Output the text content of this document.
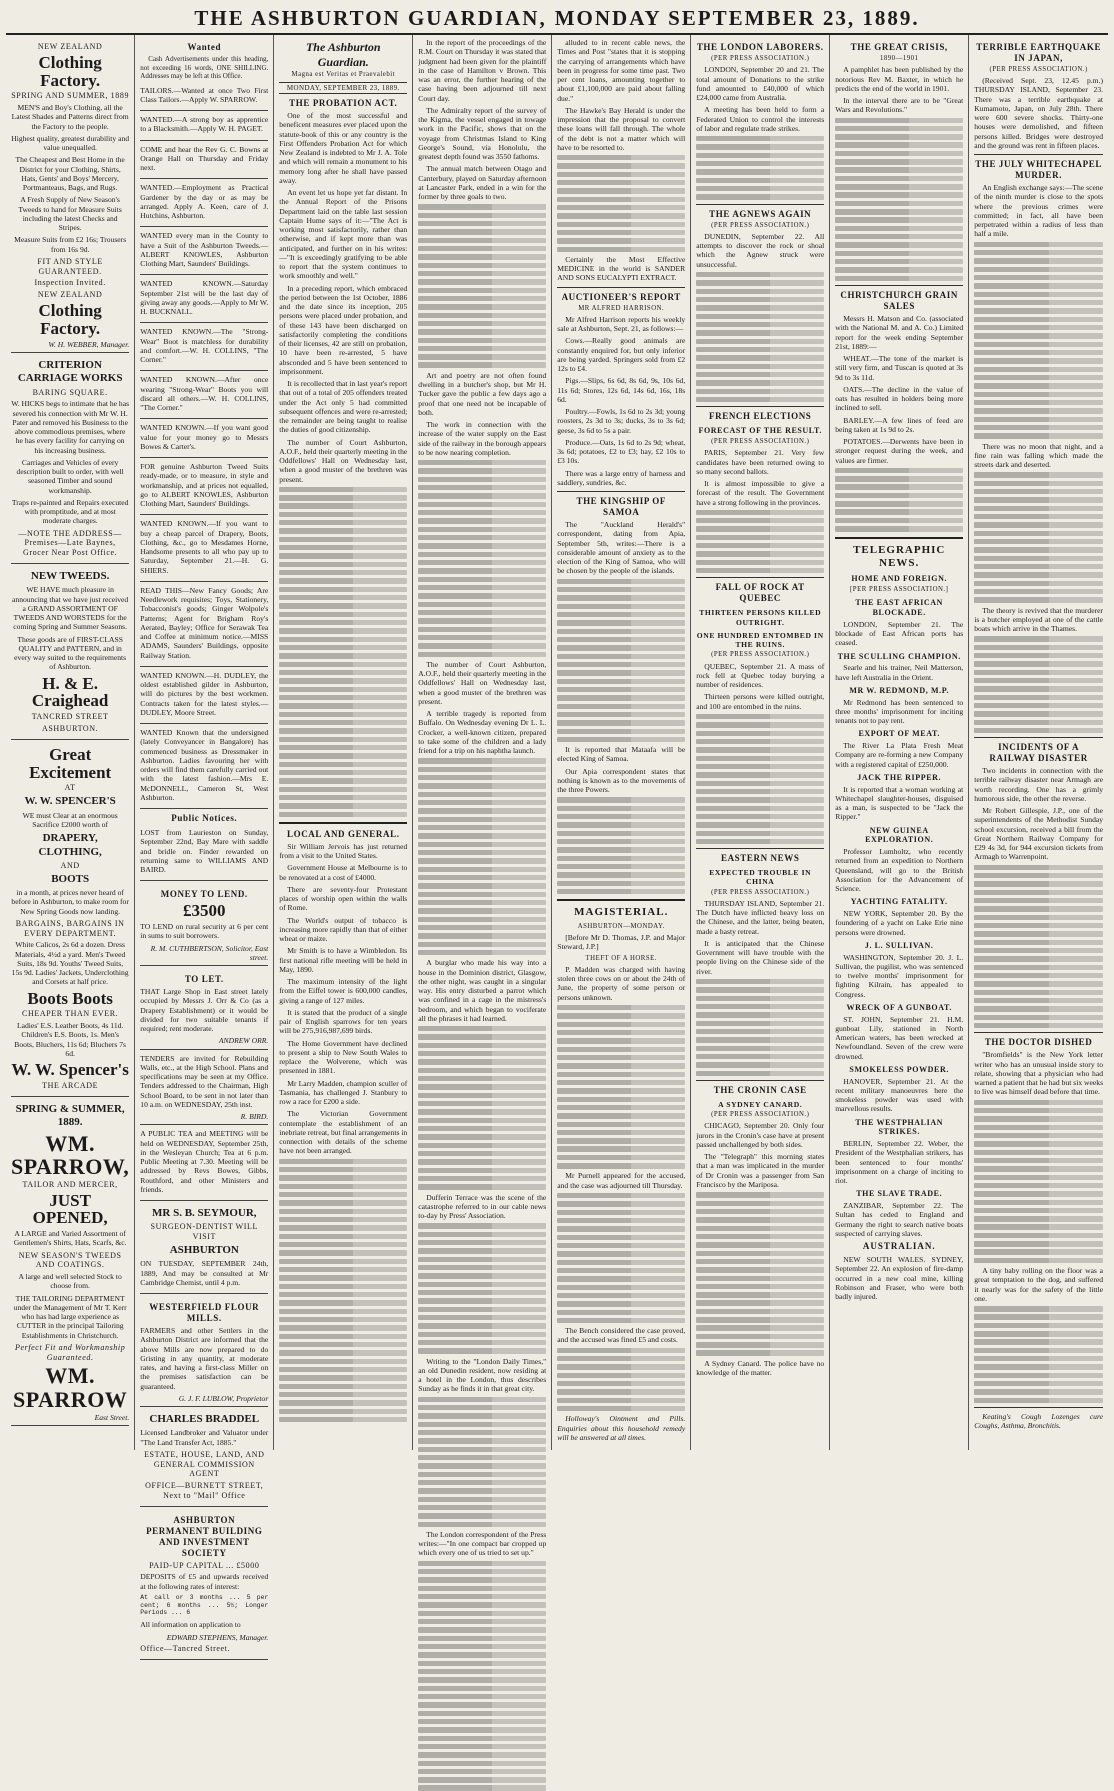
THE ASHBURTON GUARDIAN, MONDAY SEPTEMBER 23, 1889.
NEW ZEALAND
Clothing Factory.
SPRING AND SUMMER, 1889

MEN'S and Boy's Clothing, all the Latest Shades and Patterns direct from the Factory to the people.

Highest quality, greatest durability and value unequalled.

The Cheapest and Best Home in the District for your Clothing, Shirts, Hats, Gents' and Boys' Mercery, Portmanteaus, Bags, and Rugs.

A Fresh Supply of New Season's Tweeds to hand for Measure Suits including the latest Checks and Stripes.

Measure Suits from £2 16s; Trousers from 16s 9d.

FIT AND STYLE GUARANTEED.
Inspection Invited.
NEW ZEALAND
Clothing Factory.
W. H. WEBBER, Manager.
CRITERION CARRIAGE WORKS
BARING SQUARE.

W. HICKS begs to intimate that he has severed his connection with Mr W. H. Pater and removed his Business to the above commodious premises, where he has every facility for carrying on his increasing business.

Carriages and Vehicles of every description built to order, with well seasoned Timber and sound workmanship.

Traps re-painted and Repairs executed with promptitude, and at most moderate charges.

—NOTE THE ADDRESS— Premises—Late Baynes, Grocer Near Post Office.
NEW TWEEDS.

WE HAVE much pleasure in announcing that we have just received a GRAND ASSORTMENT OF TWEEDS AND WORSTEDS for the coming Spring and Summer Seasons.

These goods are of FIRST-CLASS QUALITY and PATTERN, and in every way suited to the requirements of Ashburton.

H. & E. Craighead
TANCRED STREET
ASHBURTON.
Great Excitement
AT
W. W. SPENCER'S

WE must Clear at an enormous Sacrifice £2000 worth of

DRAPERY, CLOTHING,
AND
BOOTS

in a month, at prices never heard of before in Ashburton, to make room for New Spring Goods now landing.

BARGAINS, BARGAINS IN EVERY DEPARTMENT.

White Calicos, 2s 6d a dozen. Dress Materials, 4½d a yard. Men's Tweed Suits, 18s 9d. Youths' Tweed Suits, 15s 9d. Ladies' Jackets, Underclothing and Corsets at half price.

Boots Boots
CHEAPER THAN EVER.

Ladies' E.S. Leather Boots, 4s 11d. Children's E.S. Boots, 1s. Men's Boots, Bluchers, 11s 6d; Bluchers 7s 6d.

W. W. Spencer's
THE ARCADE
SPRING & SUMMER, 1889.
WM. SPARROW,
TAILOR AND MERCER,
JUST OPENED,

A LARGE and Varied Assortment of Gentlemen's Shirts, Hats, Scarfs, &c.

NEW SEASON'S TWEEDS AND COATINGS.

A large and well selected Stock to choose from.

THE TAILORING DEPARTMENT under the Management of Mr T. Kerr who has had large experience as CUTTER in the principal Tailoring Establishments in Christchurch.

Perfect Fit and Workmanship Guaranteed.
WM. SPARROW
East Street.
Wanted

Cash Advertisements under this heading, not exceeding 16 words, ONE SHILLING. Addresses may be left at this Office.

TAILORS.—Wanted at once Two First Class Tailors.—Apply W. SPARROW.

WANTED.—A strong boy as apprentice to a Blacksmith.—Apply W. H. PAGET.

COME and hear the Rev G. C. Bowns at Orange Hall on Thursday and Friday next.

WANTED.—Employment as Practical Gardener by the day or as may be arranged. Apply A. Keen, care of J. Hutchins, Ashburton.

WANTED every man in the County to have a Suit of the Ashburton Tweeds.—ALBERT KNOWLES, Ashburton Clothing Mart, Saunders' Buildings.

WANTED KNOWN.—Saturday September 21st will be the last day of giving away any goods.—Apply to Mr W. H. BUCKNALL.

WANTED KNOWN.—The "Strong-Wear" Boot is matchless for durability and comfort.—W. H. COLLINS, "The Corner."

WANTED KNOWN.—After once wearing "Strong-Wear" Boots you will discard all others.—W. H. COLLINS, "The Corner."

WANTED KNOWN.—If you want good value for your money go to Messrs Bowes & Carter's.

FOR genuine Ashburton Tweed Suits ready-made, or to measure, in style and workmanship, and at prices not equalled, go to ALBERT KNOWLES, Ashburton Clothing Mart, Saunders' Buildings.

WANTED KNOWN.—If you want to buy a cheap parcel of Drapery, Boots, Clothing, &c., go to Mesdames Horne, Handsome presents to all who pay up to Saturday, September 21.—H. G. SHIERS.

READ THIS—New Fancy Goods; Are Needlework requisites; Toys, Stationery, Tobacconist's goods; Ginger Wolpole's Patterns; Agent for Brigham Roy's Aerated, Bayley; Office for Serawak Tea and Coffee at minimum notice.—MISS ADAMS, Saunders' Buildings, opposite Railway Station.

WANTED KNOWN.—H. DUDLEY, the oldest established gilder in Ashburton, will do pictures by the best workmen. Contracts taken for the latest styles.—DUDLEY, Moore Street.

WANTED Known that the undersigned (lately Conveyancer in Bangalore) has commenced business as Dressmaker in Ashburton. Ladies favouring her with orders will find them carefully carried out with the latest fashion.—Mrs E. McDONNELL, Cameron St, West Ashburton.

Public Notices.

LOST from Laurieston on Sunday, September 22nd, Bay Mare with saddle and bridle on. Finder rewarded on returning same to WILLIAMS AND BAIRD.

MONEY TO LEND.
£3500

TO LEND on rural security at 6 per cent in sums to suit borrowers.

R. M. CUTHBERTSON, Solicitor, East street.
TO LET.

THAT Large Shop in East street lately occupied by Messrs J. Orr & Co (as a Drapery Establishment) or it would be divided for two suitable tenants if required; rent moderate.

ANDREW ORR.

TENDERS are invited for Rebuilding Walls, etc., at the High School. Plans and specifications may be seen at my Office. Tenders addressed to the Chairman, High School Board, to be sent in not later than 10 a.m. on WEDNESDAY, 25th inst.

R. BIRD.

A PUBLIC TEA and MEETING will be held on WEDNESDAY, September 25th, in the Wesleyan Church; Tea at 6 p.m. Public Meeting at 7.30. Meeting will be addressed by Revs Bowes, Gibbs, Routhford, and other Ministers and friends.

MR S. B. SEYMOUR,
SURGEON-DENTIST WILL VISIT
ASHBURTON

ON TUESDAY, SEPTEMBER 24th, 1889, And may be consulted at Mr Cambridge Chemist, until 4 p.m.

WESTERFIELD FLOUR MILLS.

FARMERS and other Settlers in the Ashburton District are informed that the above Mills are now prepared to do Gristing in any quantity, at moderate rates, and having a first-class Miller on the premises satisfaction can be guaranteed.

G. J. F. LUBLOW, Proprietor
CHARLES BRADDEL

Licensed Landbroker and Valuator under "The Land Transfer Act, 1885."

ESTATE, HOUSE, LAND, AND GENERAL COMMISSION AGENT
OFFICE—BURNETT STREET, Next to "Mail" Office
ASHBURTON PERMANENT BUILDING AND INVESTMENT SOCIETY
PAID-UP CAPITAL ... £5000

DEPOSITS of £5 and upwards received at the following rates of interest:

At call or 3 months ... 5 per cent; 6 months ... 5½; Longer Periods ... 6

All information on application to

EDWARD STEPHENS, Manager.
Office—Tancred Street.
The Ashburton Guardian.
Magna est Veritas et Praevalebit
MONDAY, SEPTEMBER 23, 1889.
THE PROBATION ACT.

One of the most successful and beneficent measures ever placed upon the statute-book of this or any country is the First Offenders Probation Act for which New Zealand is indebted to Mr J. A. Tole and which will remain a monument to his memory long after he shall have passed away.

An event let us hope yet far distant. In the Annual Report of the Prisons Department laid on the table last session Captain Hume says of it:—"The Act is working most satisfactorily, rather than otherwise, and if kept more than was anticipated, and further on in his writes:—"It is exceedingly gratifying to be able to report that the system continues to work smoothly and well."

In a preceding report, which embraced the period between the 1st October, 1886 and the date since its inception, 205 persons were placed under probation, and of these 143 have been discharged on satisfactorily completing the conditions of their licenses, 42 are still on probation, 10 have been re-arrested, 5 have absconded and 5 have been sentenced to imprisonment.

It is recollected that in last year's report that out of a total of 205 offenders treated under the Act only 5 had committed subsequent offences and were re-arrested; the remainder are being taught to realise the duties of good citizenship.

The number of Court Ashburton, A.O.F., held their quarterly meeting in the Oddfellows' Hall on Wednesday last, when a good muster of the brethren was present.

LOCAL AND GENERAL.

Sir William Jervois has just returned from a visit to the United States.

Government House at Melbourne is to be renovated at a cost of £4000.

There are seventy-four Protestant places of worship open within the walls of Rome.

The World's output of tobacco is increasing more rapidly than that of either wheat or maize.

Mr Smith is to have a Wimbledon. Its first national rifle meeting will be held in May, 1890.

The maximum intensity of the light from the Eiffel tower is 600,000 candles, giving a range of 127 miles.

It is stated that the product of a single pair of English sparrows for ten years will be 275,916,987,699 birds.

The Home Government have declined to present a ship to New South Wales to replace the Wolverene, which was presented in 1881.

Mr Larry Madden, champion sculler of Tasmania, has challenged J. Stanbury to row a race for £200 a side.

The Victorian Government contemplate the establishment of an inebriate retreat, but final arrangements in connection with details of the scheme have not been arranged.

In the report of the proceedings of the R.M. Court on Thursday it was stated that judgment had been given for the plaintiff in the case of Hamilton v Brown. This was an error, the further hearing of the case having been adjourned till next Court day.

The Admiralty report of the survey of the Kigma, the vessel engaged in towage work in the Pacific, shows that on the voyage from Christmas Island to King George's Sound, via Honolulu, the greatest depth found was 3550 fathoms.

The annual match between Otago and Canterbury, played on Saturday afternoon at Lancaster Park, ended in a win for the former by three goals to two.

Art and poetry are not often found dwelling in a butcher's shop, but Mr H. Tucker gave the public a few days ago a proof that one need not be incapable of both.

The work in connection with the increase of the water supply on the East side of the railway in the borough appears to be now nearing completion.

The number of Court Ashburton, A.O.F., held their quarterly meeting in the Oddfellows' Hall on Wednesday last, when a good muster of the brethren was present.

A terrible tragedy is reported from Buffalo. On Wednesday evening Dr L. L. Crocker, a well-known citizen, prepared to take some of the children and a lady friend for a trip on his naphtha launch.

A burglar who made his way into a house in the Dominion district, Glasgow, the other night, was caught in a singular way. His entry disturbed a parrot which was confined in a cage in the mistress's bedroom, and which began to vociferate all the phrases it had learned.

Dufferin Terrace was the scene of the catastrophe referred to in our cable news to-day by Press' Association.

Writing to the "London Daily Times," an old Dunedin resident, now residing at a hotel in the London, thus describes Sunday as he finds it in that great city.

The London correspondent of the Press writes:—"In one compact bar cropped up which every one of us tried to set up."

alluded to in recent cable news, the Times and Post "states that it is stopping the carrying of arrangements which have been in progress for some time past. Two per cent loans, amounting together to about £1,100,000 are paid about falling due."

The Hawke's Bay Herald is under the impression that the proposal to convert these loans will fall through. The whole of the debt is not a matter which will have to be resorted to.

Certainly the Most Effective MEDICINE in the world is SANDER AND SONS EUCALYPTI EXTRACT.

AUCTIONEER'S REPORT
MR ALFRED HARRISON.

Mr Alfred Harrison reports his weekly sale at Ashburton, Sept. 21, as follows:—

Cows.—Really good animals are constantly enquired for, but only inferior are being yarded. Springers sold from £2 12s to £4.

Pigs.—Slips, 6s 6d, 8s 6d, 9s, 10s 6d, 11s 6d; Stores, 12s 6d, 14s 6d, 16s, 18s 6d.

Poultry.—Fowls, 1s 6d to 2s 3d; young roosters, 2s 3d to 3s; ducks, 3s to 3s 6d; geese, 3s 6d to 5s a pair.

Produce.—Oats, 1s 6d to 2s 9d; wheat, 3s 6d; potatoes, £2 to £3; hay, £2 10s to £3 10s.

There was a large entry of harness and saddlery, sundries, &c.

THE KINGSHIP OF SAMOA

The "Auckland Herald's" correspondent, dating from Apia, September 5th, writes:—There is a considerable amount of anxiety as to the election of the King of Samoa, who will be chosen by the people of the islands.

It is reported that Mataafa will be elected King of Samoa.

Our Apia correspondent states that nothing is known as to the movements of the three Powers.

MAGISTERIAL.
ASHBURTON—MONDAY.

[Before Mr D. Thomas, J.P. and Major Steward, J.P.]

THEFT OF A HORSE.

P. Madden was charged with having stolen three cows on or about the 24th of June, the property of some person or persons unknown.

Mr Purnell appeared for the accused, and the case was adjourned till Thursday.

The Bench considered the case proved, and the accused was fined £5 and costs.

Holloway's Ointment and Pills. Enquiries about this household remedy will be answered at all times.

THE LONDON LABORERS.
(PER PRESS ASSOCIATION.)

LONDON, September 20 and 21. The total amount of Donations to the strike fund amounted to £40,000 of which £24,000 came from Australia.

A meeting has been held to form a Federated Union to control the interests of labor and regulate trade strikes.

THE AGNEWS AGAIN
(PER PRESS ASSOCIATION.)

DUNEDIN, September 22. All attempts to discover the rock or shoal which the Agnew struck were unsuccessful.

FRENCH ELECTIONS
FORECAST OF THE RESULT.
(PER PRESS ASSOCIATION.)

PARIS, September 21. Very few candidates have been returned owing to so many second ballots.

It is almost impossible to give a forecast of the result. The Government have a strong following in the provinces.

FALL OF ROCK AT QUEBEC
THIRTEEN PERSONS KILLED OUTRIGHT.
ONE HUNDRED ENTOMBED IN THE RUINS.
(PER PRESS ASSOCIATION.)

QUEBEC, September 21. A mass of rock fell at Quebec today burying a number of residences.

Thirteen persons were killed outright, and 100 are entombed in the ruins.

EASTERN NEWS
EXPECTED TROUBLE IN CHINA
(PER PRESS ASSOCIATION.)

THURSDAY ISLAND, September 21. The Dutch have inflicted heavy loss on the Chinese, and the latter, being beaten, made a hasty retreat.

It is anticipated that the Chinese Government will have trouble with the people living on the Chinese side of the river.

THE CRONIN CASE
A SYDNEY CANARD.
(PER PRESS ASSOCIATION.)

CHICAGO, September 20. Only four jurors in the Cronin's case have at present passed unchallenged by both sides.

The "Telegraph" this morning states that a man was implicated in the murder of Dr Cronin was a passenger from San Francisco by the Mariposa.

A Sydney Canard. The police have no knowledge of the matter.

THE GREAT CRISIS,
1890—1901

A pamphlet has been published by the notorious Rev M. Baxter, in which he predicts the end of the world in 1901.

In the interval there are to be "Great Wars and Revolutions."

CHRISTCHURCH GRAIN SALES

Messrs H. Matson and Co. (associated with the National M. and A. Co.) Limited report for the week ending September 21st, 1889:—

WHEAT.—The tone of the market is still very firm, and Tuscan is quoted at 3s 9d to 3s 11d.

OATS.—The decline in the value of oats has resulted in holders being more inclined to sell.

BARLEY.—A few lines of feed are being taken at 1s 9d to 2s.

POTATOES.—Derwents have been in stronger request during the week, and values are firmer.

TELEGRAPHIC NEWS.
HOME AND FOREIGN.
[PER PRESS ASSOCIATION.]
THE EAST AFRICAN BLOCKADE.

LONDON, September 21. The blockade of East African ports has ceased.

THE SCULLING CHAMPION.

Searle and his trainer, Neil Matterson, have left Australia in the Orient.

MR W. REDMOND, M.P.

Mr Redmond has been sentenced to three months' imprisonment for inciting tenants not to pay rent.

EXPORT OF MEAT.

The River La Plata Fresh Meat Company are re-forming a new Company with a registered capital of £250,000.

JACK THE RIPPER.

It is reported that a woman working at Whitechapel slaughter-houses, disguised as a man, is suspected to be "Jack the Ripper."

NEW GUINEA EXPLORATION.

Professor Lumholtz, who recently returned from an expedition to Northern Queensland, will go to the British Association for the Advancement of Science.

YACHTING FATALITY.

NEW YORK, September 20. By the foundering of a yacht on Lake Erie nine persons were drowned.

J. L. SULLIVAN.

WASHINGTON, September 20. J. L. Sullivan, the pugilist, who was sentenced to twelve months' imprisonment for fighting Kilrain, has appealed to Congress.

WRECK OF A GUNBOAT.

ST. JOHN, September 21. H.M. gunboat Lily, stationed in North American waters, has been wrecked at Newfoundland. Seven of the crew were drowned.

SMOKELESS POWDER.

HANOVER, September 21. At the recent military manoeuvres here the smokeless powder was used with marvellous results.

THE WESTPHALIAN STRIKES.

BERLIN, September 22. Weber, the President of the Westphalian strikers, has been sentenced to four months' imprisonment on a charge of inciting to riot.

THE SLAVE TRADE.

ZANZIBAR, September 22. The Sultan has ceded to England and Germany the right to search native boats suspected of carrying slaves.

AUSTRALIAN.

NEW SOUTH WALES. SYDNEY, September 22. An explosion of fire-damp occurred in a new coal mine, killing Robinson and Fraser, who were both badly injured.

TERRIBLE EARTHQUAKE IN JAPAN,
(PER PRESS ASSOCIATION.)

(Received Sept. 23, 12.45 p.m.) THURSDAY ISLAND, September 23. There was a terrible earthquake at Kumamoto, Japan, on July 28th. There were 600 severe shocks. Thirty-one houses were demolished, and fifteen persons killed. Bridges were destroyed and the ground was rent in fifteen places.

THE JULY WHITECHAPEL MURDER.

An English exchange says:—The scene of the ninth murder is close to the spots where the previous crimes were committed; in fact, all have been perpetrated within a radius of less than half a mile.

There was no moon that night, and a fine rain was falling which made the streets dark and deserted.

The theory is revived that the murderer is a butcher employed at one of the cattle boats which arrive in the Thames.

INCIDENTS OF A RAILWAY DISASTER

Two incidents in connection with the terrible railway disaster near Armagh are worth recording. One has a grimly humorous side, the other the reverse.

Mr Robert Gillespie, J.P., one of the superintendents of the Methodist Sunday school excursion, received a bill from the Great Northern Railway Company for £29 4s 3d, for 944 excursion tickets from Armagh to Warrenpoint.

THE DOCTOR DISHED

"Bromfields" is the New York letter writer who has an unusual inside story to relate, showing that a physician who had warned a patient that he had but six weeks to live was himself dead before that time.

A tiny baby rolling on the floor was a great temptation to the dog, and suffered it nearly was for the safety of the little one.

Keating's Cough Lozenges cure Coughs, Asthma, Bronchitis.
